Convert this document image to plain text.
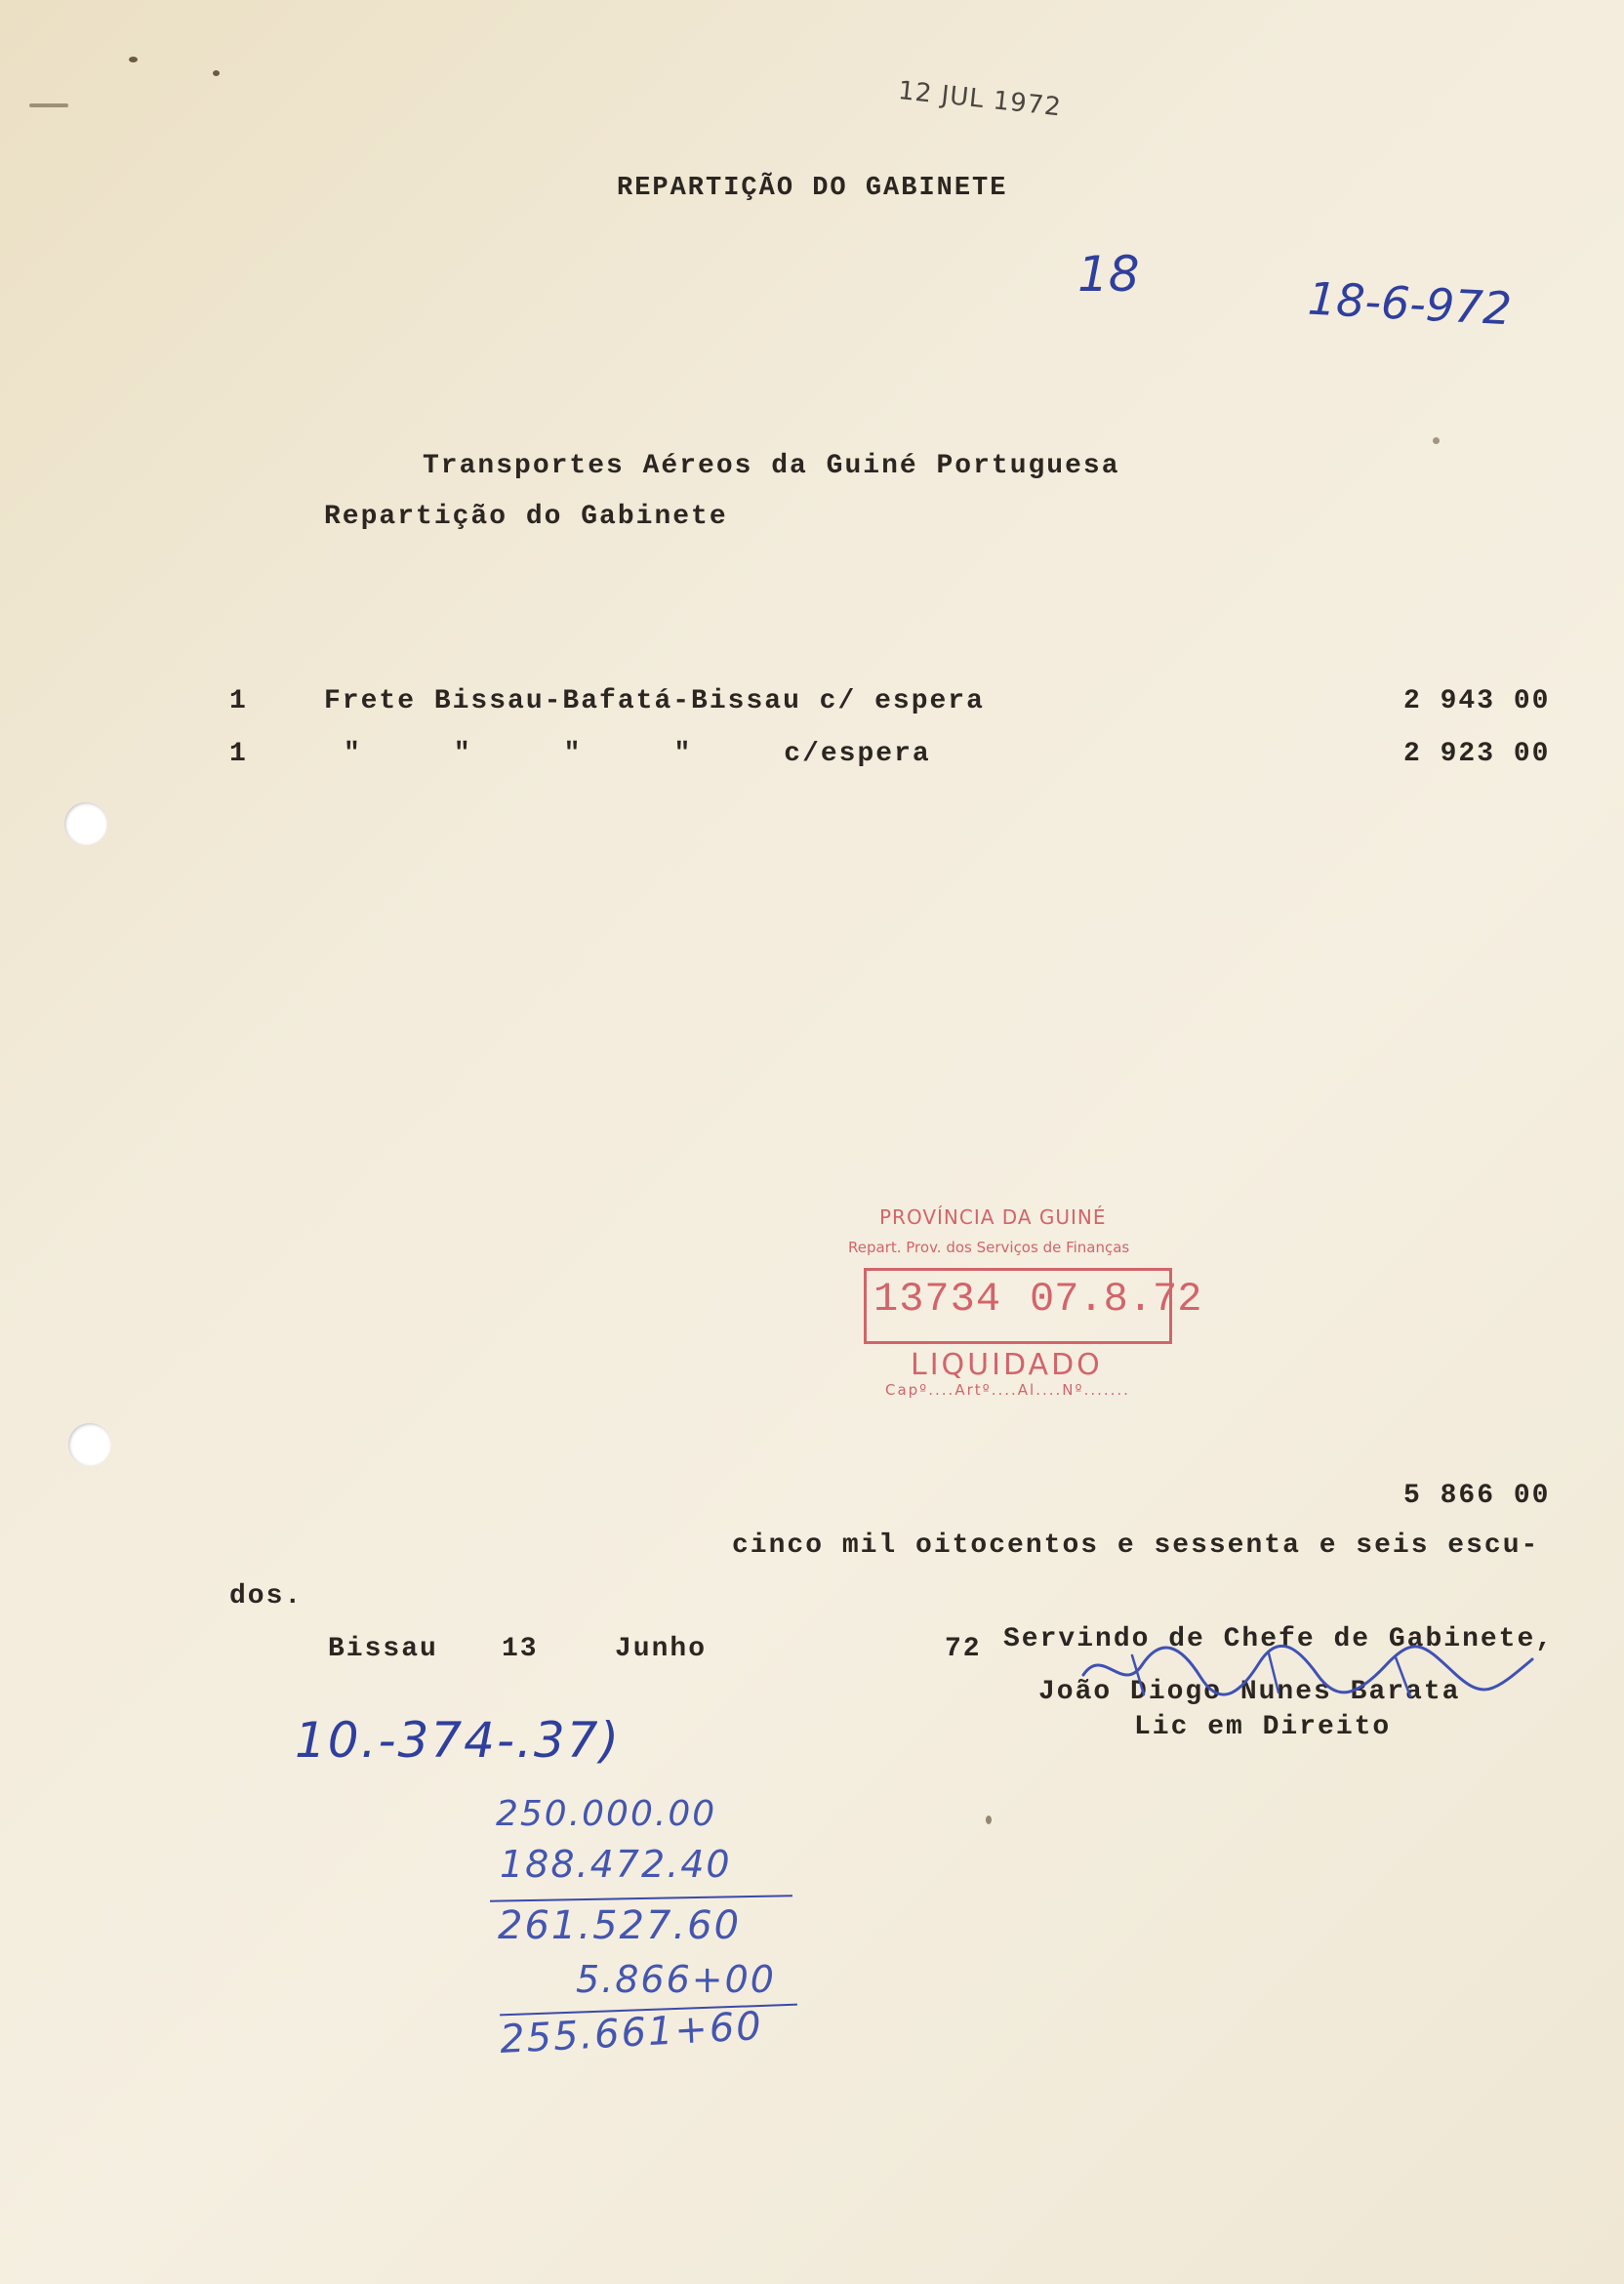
12 JUL 1972
REPARTIÇÃO DO GABINETE
18	18-6-972
Transportes Aéreos da Guiné Portuguesa
Repartição do Gabinete
1	Frete Bissau-Bafatá-Bissau c/ espera	2 943 00
1	"     "     "     "     c/espera	2 923 00
PROVÍNCIA DA GUINÉ
Repart. Prov. dos Serviços de Finanças
13734 07.8.72
LIQUIDADO
Capº....Artº....Al....Nº.......
5 866 00
cinco mil oitocentos e sessenta e seis escu-
dos.
Bissau 13	Junho	72 Servindo de Chefe de Gabinete,
João Diogo Nunes Barata
Lic em Direito
10.-374-.37)
250.000.00
188.472.40
261.527.60
5.866+00
255.661+60
